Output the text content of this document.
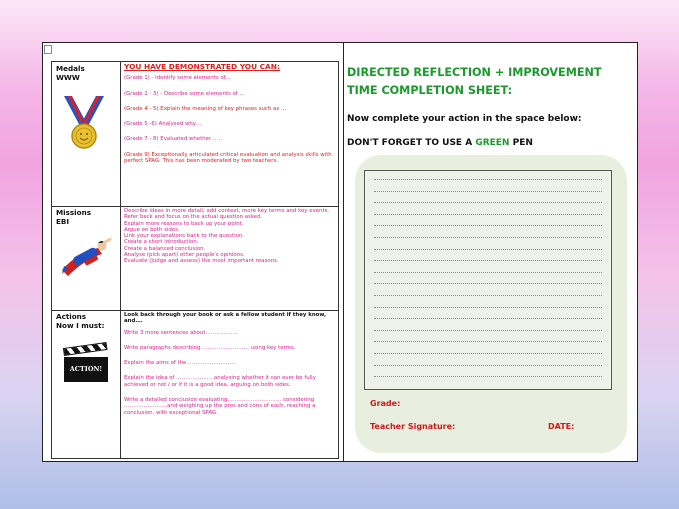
Medals
WWW
YOU HAVE DEMONSTRATED YOU CAN:
(Grade 1) - Identify some elements of…
(Grade 2 - 3) - Describe some elements of …
(Grade 4 - 5) Explain the meaning of key phrases such as …
(Grade 5 -6) Analysed why…
(Grade 7 - 8) Evaluated whether……
(Grade 9) Exceptionally articulated critical evaluation and analysis skills with perfect SPAG. This has been moderated by two teachers.
Missions
EBI
Describe ideas in more detail; add context, more key terms and key events.
Refer back and focus on the actual question asked.
Explain more reasons to back up your point.
Argue on both sides.
Link your explanations back to the question.
Create a short introduction.
Create a balanced conclusion.
Analyse (pick apart) other people's opinions.
Evaluate (judge and assess) the most important reasons.
Actions
Now I must:
ACTION!
Look back through your book or ask a fellow student if they know, and….
Write 3 more sentences about………………
Write paragraphs describing……………………… using key terms.
Explain the aims of the ………………………
Explain the idea of …………………analysing whether it can ever be fully achieved or not / or if it is a good idea, arguing on both sides.
Write a detailed conclusion evaluating………………………… considering ……………………and weighing up the pros and cons of each, reaching a conclusion, with exceptional SPAG.
DIRECTED REFLECTION + IMPROVEMENT
TIME COMPLETION SHEET:
Now complete your action in the space below:
DON'T FORGET TO USE A GREEN PEN
Grade:
Teacher Signature:	DATE:
